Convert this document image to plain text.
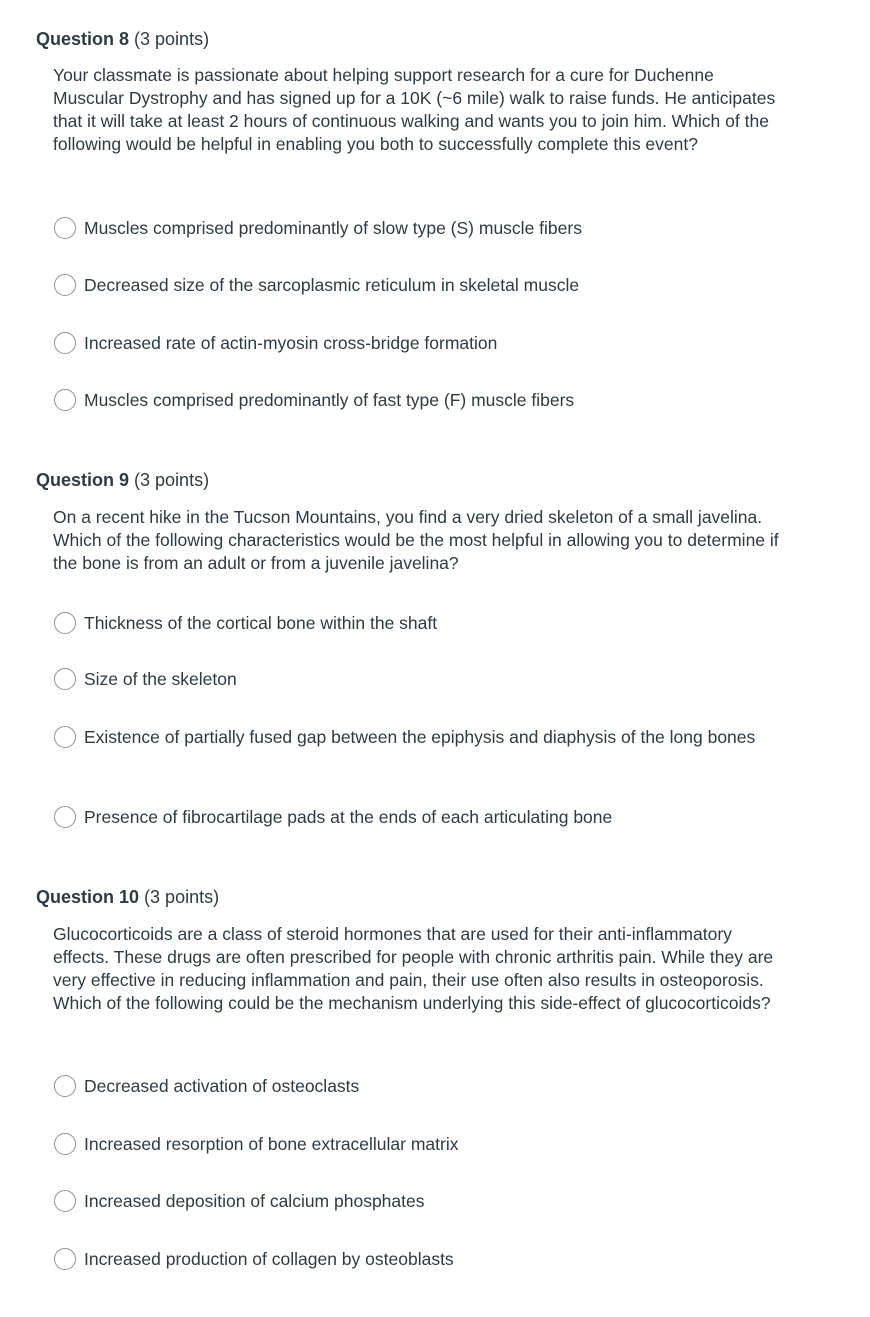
Question 8 (3 points)
Your classmate is passionate about helping support research for a cure for Duchenne Muscular Dystrophy and has signed up for a 10K (~6 mile) walk to raise funds. He anticipates that it will take at least 2 hours of continuous walking and wants you to join him. Which of the following would be helpful in enabling you both to successfully complete this event?
Muscles comprised predominantly of slow type (S) muscle fibers
Decreased size of the sarcoplasmic reticulum in skeletal muscle
Increased rate of actin-myosin cross-bridge formation
Muscles comprised predominantly of fast type (F) muscle fibers
Question 9 (3 points)
On a recent hike in the Tucson Mountains, you find a very dried skeleton of a small javelina. Which of the following characteristics would be the most helpful in allowing you to determine if the bone is from an adult or from a juvenile javelina?
Thickness of the cortical bone within the shaft
Size of the skeleton
Existence of partially fused gap between the epiphysis and diaphysis of the long bones
Presence of fibrocartilage pads at the ends of each articulating bone
Question 10 (3 points)
Glucocorticoids are a class of steroid hormones that are used for their anti-inflammatory effects. These drugs are often prescribed for people with chronic arthritis pain. While they are very effective in reducing inflammation and pain, their use often also results in osteoporosis. Which of the following could be the mechanism underlying this side-effect of glucocorticoids?
Decreased activation of osteoclasts
Increased resorption of bone extracellular matrix
Increased deposition of calcium phosphates
Increased production of collagen by osteoblasts
